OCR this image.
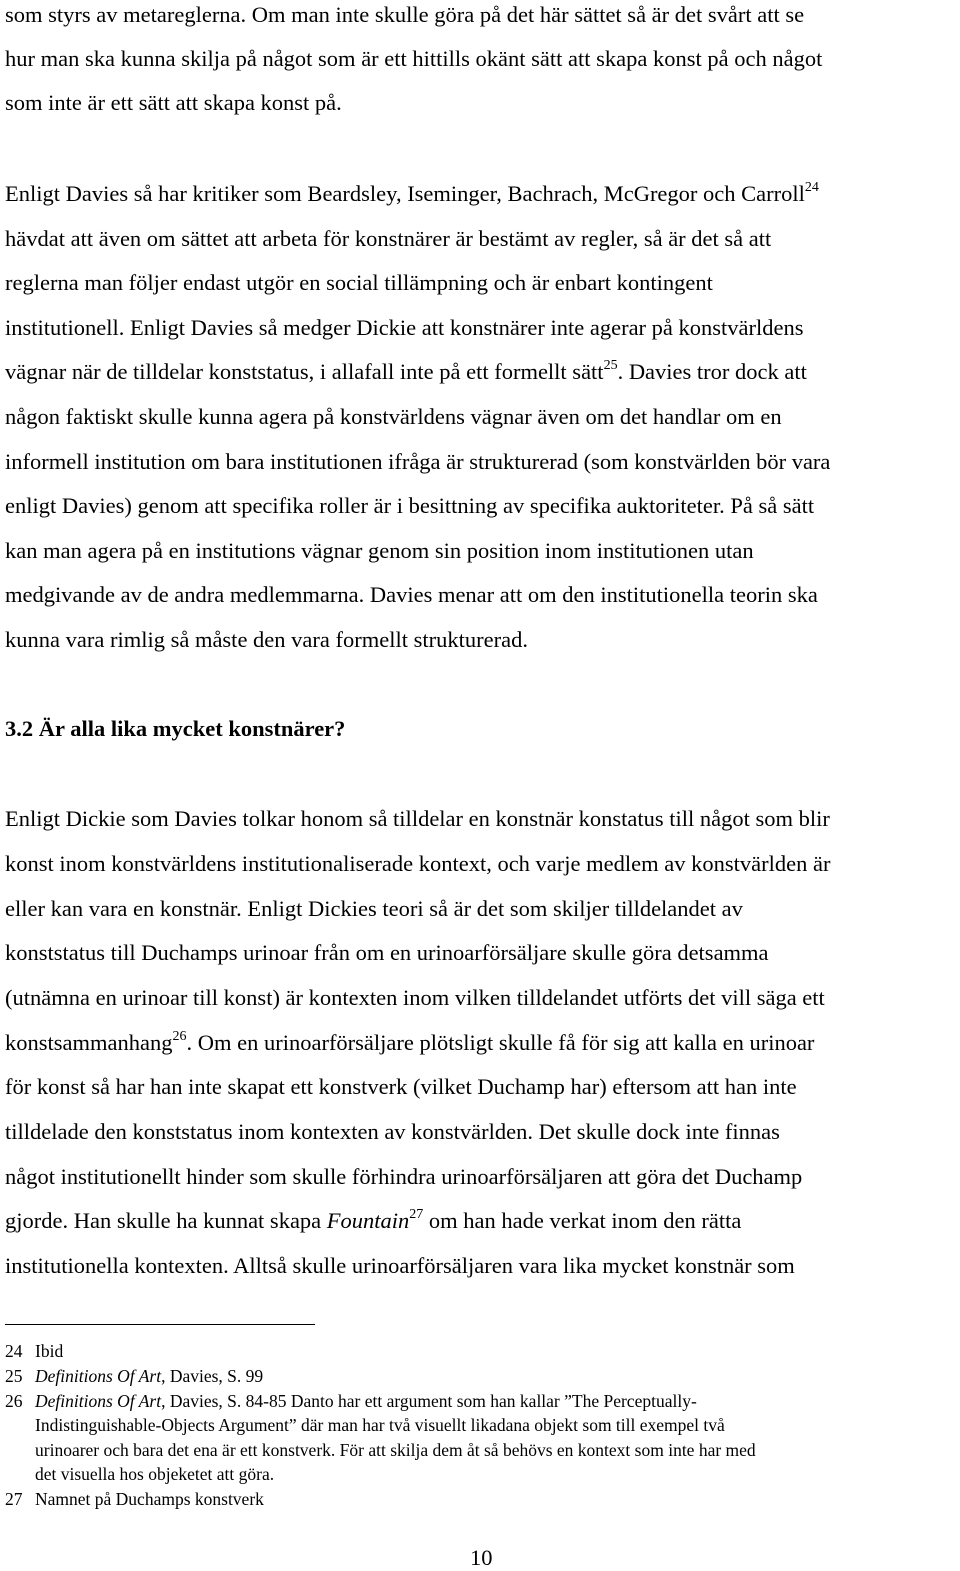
som styrs av metareglerna. Om man inte skulle göra på det här sättet så är det svårt att se
hur man ska kunna skilja på något som är ett hittills okänt sätt att skapa konst på och något
som inte är ett sätt att skapa konst på.
Enligt Davies så har kritiker som Beardsley, Iseminger, Bachrach, McGregor och Carroll$^{24}$
hävdat att även om sättet att arbeta för konstnärer är bestämt av regler, så är det så att
reglerna man följer endast utgör en social tillämpning och är enbart kontingent
institutionell. Enligt Davies så medger Dickie att konstnärer inte agerar på konstvärldens
vägnar när de tilldelar konststatus, i allafall inte på ett formellt sätt$^{25}$. Davies tror dock att
någon faktiskt skulle kunna agera på konstvärldens vägnar även om det handlar om en
informell institution om bara institutionen ifråga är strukturerad (som konstvärlden bör vara
enligt Davies) genom att specifika roller är i besittning av specifika auktoriteter. På så sätt
kan man agera på en institutions vägnar genom sin position inom institutionen utan
medgivande av de andra medlemmarna. Davies menar att om den institutionella teorin ska
kunna vara rimlig så måste den vara formellt strukturerad.
3.2 Är alla lika mycket konstnärer?
Enligt Dickie som Davies tolkar honom så tilldelar en konstnär konstatus till något som blir
konst inom konstvärldens institutionaliserade kontext, och varje medlem av konstvärlden är
eller kan vara en konstnär. Enligt Dickies teori så är det som skiljer tilldelandet av
konststatus till Duchamps urinoar från om en urinoarförsäljare skulle göra detsamma
(utnämna en urinoar till konst) är kontexten inom vilken tilldelandet utförts det vill säga ett
konstsammanhang$^{26}$. Om en urinoarförsäljare plötsligt skulle få för sig att kalla en urinoar
för konst så har han inte skapat ett konstverk (vilket Duchamp har) eftersom att han inte
tilldelade den konststatus inom kontexten av konstvärlden. Det skulle dock inte finnas
något institutionellt hinder som skulle förhindra urinoarförsäljaren att göra det Duchamp
gjorde. Han skulle ha kunnat skapa Fountain$^{27}$ om han hade verkat inom den rätta
institutionella kontexten. Alltså skulle urinoarförsäljaren vara lika mycket konstnär som
24 Ibid
25 Definitions Of Art, Davies, S. 99
26 Definitions Of Art, Davies, S. 84-85 Danto har ett argument som han kallar ”The Perceptually-
Indistinguishable-Objects Argument” där man har två visuellt likadana objekt som till exempel två
urinoarer och bara det ena är ett konstverk. För att skilja dem åt så behövs en kontext som inte har med
det visuella hos objeketet att göra.
27 Namnet på Duchamps konstverk
10
